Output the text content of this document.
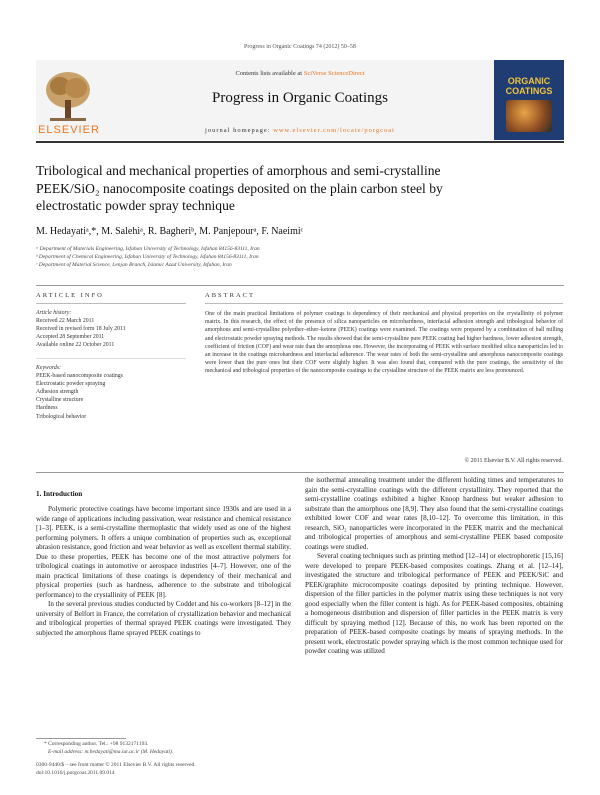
Progress in Organic Coatings 74 (2012) 50–58
ELSEVIER
Contents lists available at SciVerse ScienceDirect
Progress in Organic Coatings
journal homepage: www.elsevier.com/locate/porgcoat
ORGANIC COATINGS
Tribological and mechanical properties of amorphous and semi-crystalline
PEEK/SiO₂ nanocomposite coatings deposited on the plain carbon steel by
electrostatic powder spray technique
M. Hedayatiᵃ,*, M. Salehiᵃ, R. Bagheriᵇ, M. Panjepourᵃ, F. Naeimiᶜ
ᵃ Department of Materials Engineering, Isfahan University of Technology, Isfahan 84156-83111, Iran
ᵇ Department of Chemical Engineering, Isfahan University of Technology, Isfahan 84156-83111, Iran
ᶜ Department of Material Science, Lenjan Branch, Islamic Azad University, Isfahan, Iran
ARTICLE INFO	ABSTRACT
Article history:
Received 22 March 2011
Received in revised form 18 July 2011
Accepted 28 September 2011
Available online 22 October 2011
Keywords:
PEEK-based nanocomposite coatings
Electrostatic powder spraying
Adhesion strength
Crystalline structure
Hardness
Tribological behavior
One of the main practical limitations of polymer coatings is dependency of their mechanical and physical properties on the crystallinity of polymer matrix. In this research, the effect of the presence of silica nanoparticles on microhardness, interfacial adhesion strength and tribological behavior of amorphous and semi-crystalline polyether–ether–ketone (PEEK) coatings were examined. The coatings were prepared by a combination of ball milling and electrostatic powder spraying methods. The results showed that the semi-crystalline pure PEEK coating had higher hardness, lower adhesion strength, coefficient of friction (COF) and wear rate than the amorphous one. However, the incorporating of PEEK with surface modified silica nanoparticles led to an increase in the coatings microhardness and interfacial adherence. The wear rates of both the semi-crystalline and amorphous nanocomposite coatings were lower than the pure ones but their COF were slightly higher. It was also found that, compared with the pure coatings, the sensitivity of the mechanical and tribological properties of the nanocomposite coatings to the crystalline structure of the PEEK matrix are less pronounced.
© 2011 Elsevier B.V. All rights reserved.
1. Introduction

Polymeric protective coatings have become important since 1930s and are used in a wide range of applications including passivation, wear resistance and chemical resistance [1–3]. PEEK, is a semi-crystalline thermoplastic that widely used as one of the highest performing polymers. It offers a unique combination of properties such as, exceptional abrasion resistance, good friction and wear behavior as well as excellent thermal stability. Due to these properties, PEEK has become one of the most attractive polymers for tribological coatings in automotive or aerospace industries [4–7]. However, one of the main practical limitations of these coatings is dependency of their mechanical and physical properties (such as hardness, adherence to the substrate and tribological performance) to the crystallinity of PEEK [8].

In the several previous studies conducted by Coddet and his co-workers [8–12] in the university of Belfort in France, the correlation of crystallization behavior and mechanical and tribological properties of thermal sprayed PEEK coatings were investigated. They subjected the amorphous flame sprayed PEEK coatings to

the isothermal annealing treatment under the different holding times and temperatures to gain the semi-crystalline coatings with the different crystallinity. They reported that the semi-crystalline coatings exhibited a higher Knoop hardness but weaker adhesion to substrate than the amorphous one [8,9]. They also found that the semi-crystalline coatings exhibited lower COF and wear rates [8,10–12]. To overcome this limitation, in this research, SiO₂ nanoparticles were incorporated in the PEEK matrix and the mechanical and tribological properties of amorphous and semi-crystalline PEEK based composite coatings were studied.

Several coating techniques such as printing method [12–14] or electrophoretic [15,16] were developed to prepare PEEK-based composites coatings. Zhang et al. [12–14], investigated the structure and tribological performance of PEEK and PEEK/SiC and PEEK/graphite microcomposite coatings deposited by printing technique. However, dispersion of the filler particles in the polymer matrix using these techniques is not very good especially when the filler content is high. As for PEEK-based composites, obtaining a homogeneous distribution and dispersion of filler particles in the PEEK matrix is very difficult by spraying method [12]. Because of this, no work has been reported on the preparation of PEEK-based composite coatings by means of spraying methods. In the present work, electrostatic powder spraying which is the most common technique used for powder coating was utilized

* Corresponding author. Tel.: +98 9132171193.
E-mail address: m.hedayati@ma.iut.ac.ir (M. Hedayati).
0300-9440/$ – see front matter © 2011 Elsevier B.V. All rights reserved.
doi:10.1016/j.porgcoat.2011.09.014
